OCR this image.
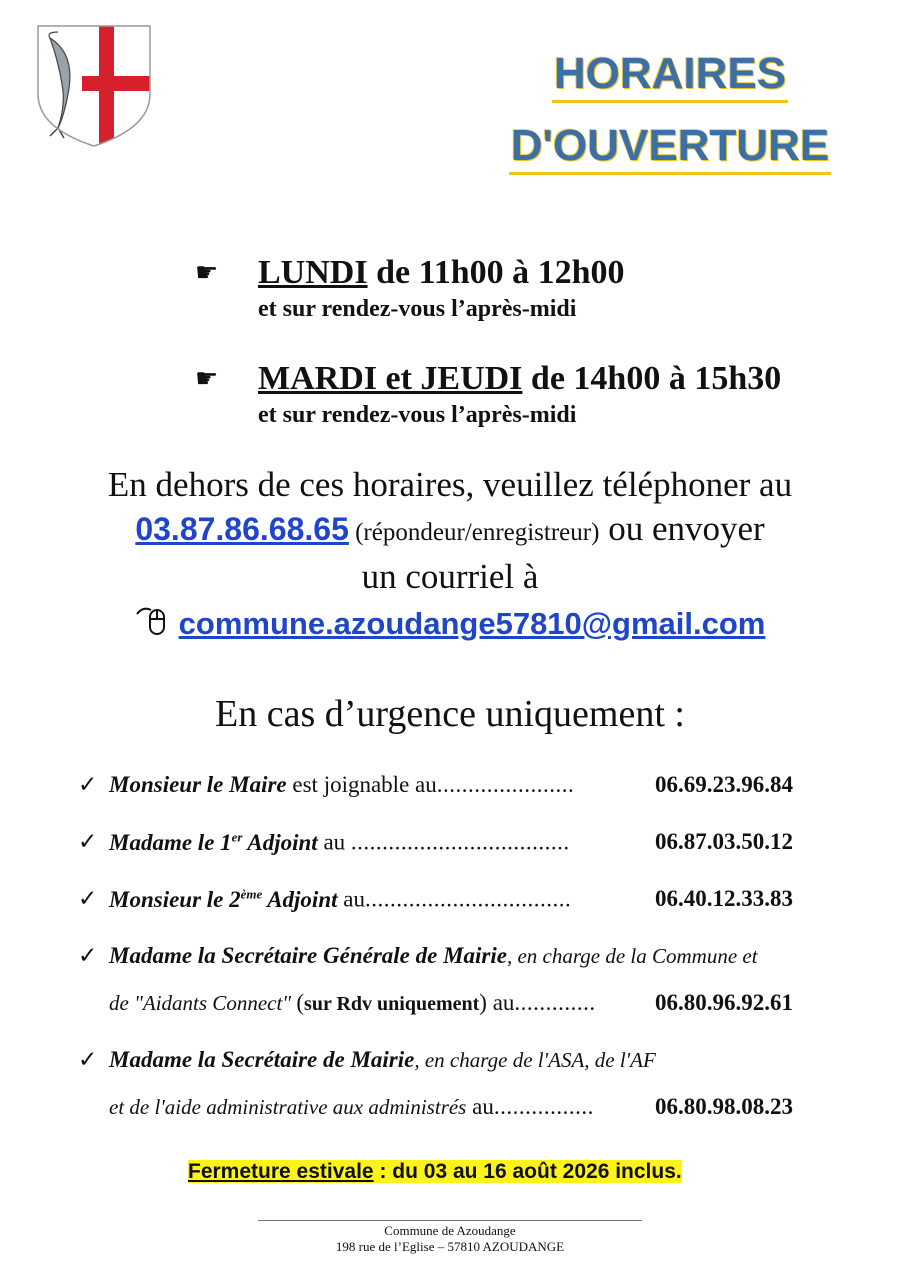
HORAIRES
D'OUVERTURE
☛ LUNDI de 11h00 à 12h00
et sur rendez-vous l’après-midi
☛ MARDI et JEUDI de 14h00 à 15h30
et sur rendez-vous l’après-midi
En dehors de ces horaires, veuillez téléphoner au
03.87.86.68.65 (répondeur/enregistreur) ou envoyer
un courriel à
commune.azoudange57810@gmail.com
En cas d’urgence uniquement :
✓ Monsieur le Maire est joignable au......................	06.69.23.96.84
✓ Madame le 1er Adjoint au ...................................	06.87.03.50.12
✓ Monsieur le 2ème Adjoint au.................................	06.40.12.33.83
✓ Madame la Secrétaire Générale de Mairie, en charge de la Commune et
de "Aidants Connect" (sur Rdv uniquement) au.............	06.80.96.92.61
✓ Madame la Secrétaire de Mairie, en charge de l'ASA, de l'AF
et de l'aide administrative aux administrés au................	06.80.98.08.23
Fermeture estivale : du 03 au 16 août 2026 inclus.
Commune de Azoudange
198 rue de l’Eglise – 57810 AZOUDANGE
